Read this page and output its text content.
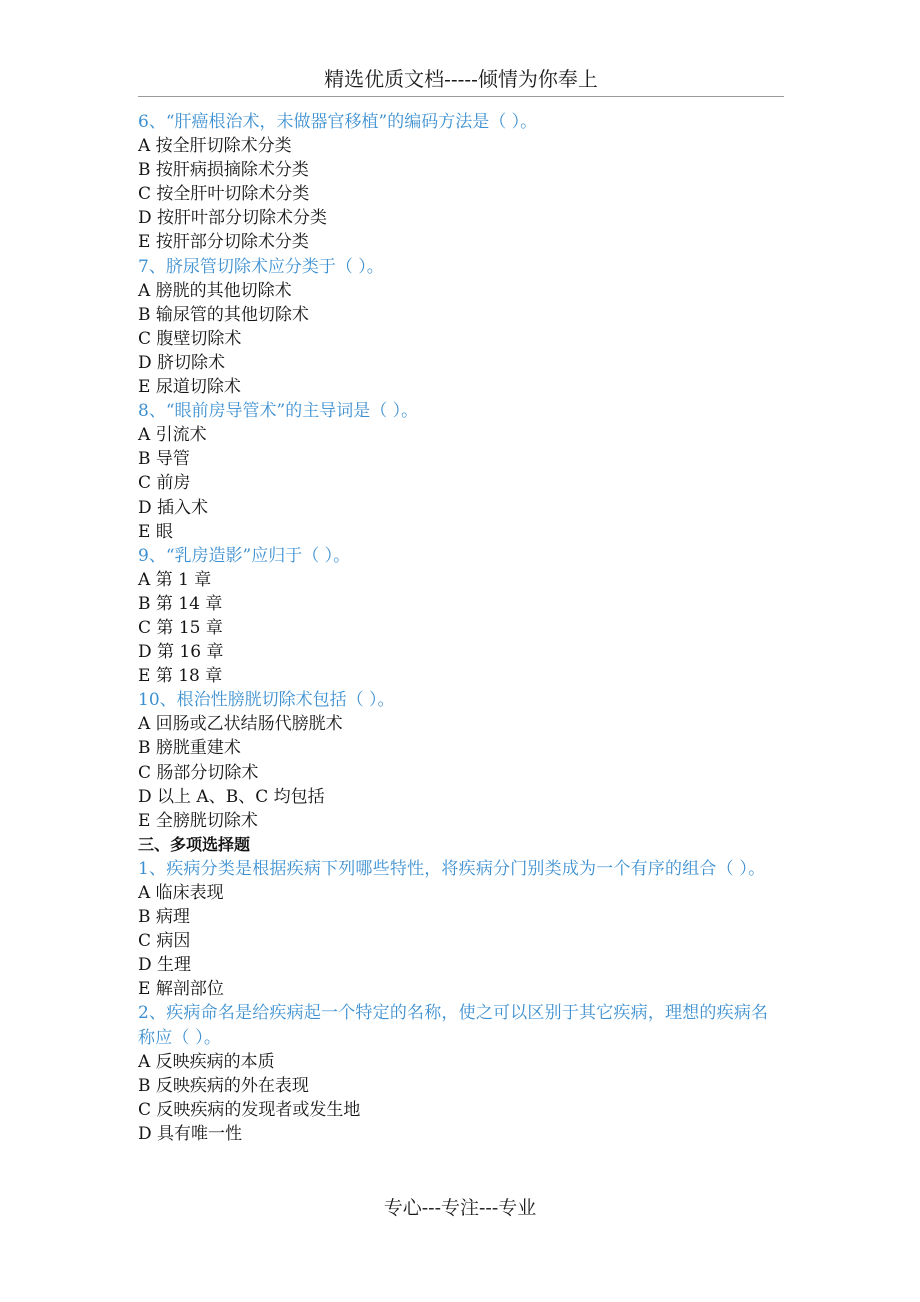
精选优质文档-----倾情为你奉上
6、“肝癌根治术，未做器官移植”的编码方法是（ ）。
A 按全肝切除术分类
B 按肝病损摘除术分类
C 按全肝叶切除术分类
D 按肝叶部分切除术分类
E 按肝部分切除术分类
7、脐尿管切除术应分类于（ ）。
A 膀胱的其他切除术
B 输尿管的其他切除术
C 腹壁切除术
D 脐切除术
E 尿道切除术
8、“眼前房导管术”的主导词是（ ）。
A 引流术
B 导管
C 前房
D 插入术
E 眼
9、“乳房造影”应归于（ ）。
A 第 1 章
B 第 14 章
C 第 15 章
D 第 16 章
E 第 18 章
10、根治性膀胱切除术包括（ ）。
A 回肠或乙状结肠代膀胱术
B 膀胱重建术
C 肠部分切除术
D 以上 A、B、C 均包括
E 全膀胱切除术
三、多项选择题
1、疾病分类是根据疾病下列哪些特性，将疾病分门别类成为一个有序的组合（ ）。
A 临床表现
B 病理
C 病因
D 生理
E 解剖部位
2、疾病命名是给疾病起一个特定的名称，使之可以区别于其它疾病，理想的疾病名称应（ ）。
A 反映疾病的本质
B 反映疾病的外在表现
C 反映疾病的发现者或发生地
D 具有唯一性
专心---专注---专业
